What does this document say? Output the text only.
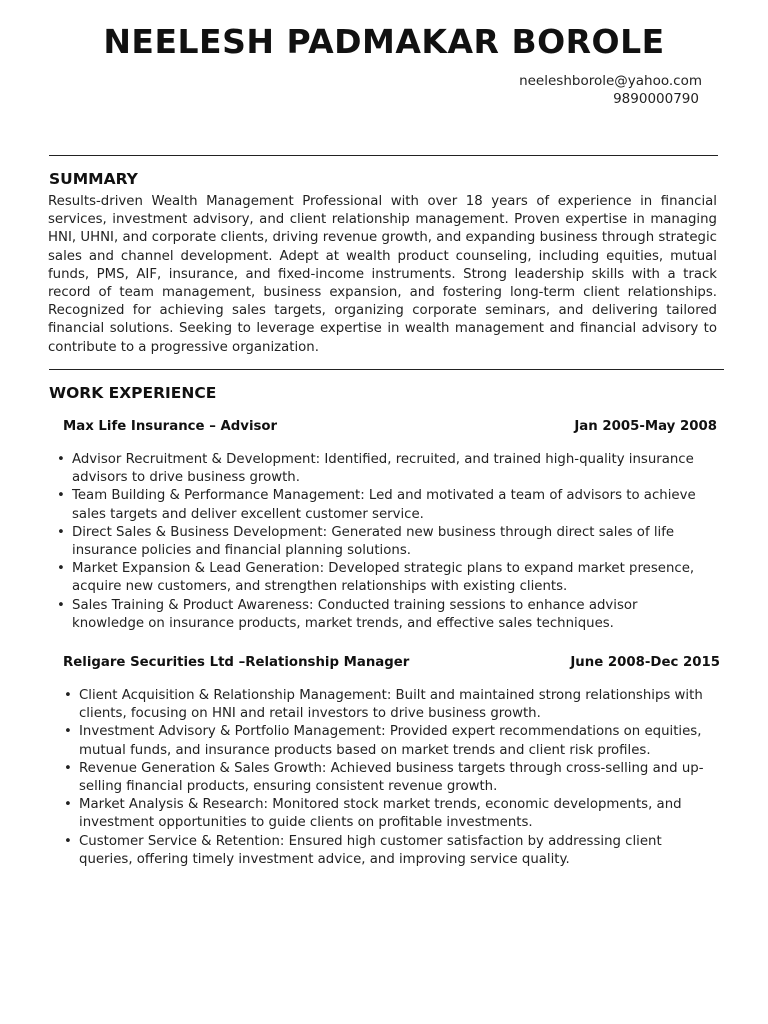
NEELESH PADMAKAR BOROLE
neeleshborole@yahoo.com
9890000790
SUMMARY

Results-driven Wealth Management Professional with over 18 years of experience in financial services, investment advisory, and client relationship management. Proven expertise in managing HNI, UHNI, and corporate clients, driving revenue growth, and expanding business through strategic sales and channel development. Adept at wealth product counseling, including equities, mutual funds, PMS, AIF, insurance, and fixed-income instruments. Strong leadership skills with a track record of team management, business expansion, and fostering long-term client relationships. Recognized for achieving sales targets, organizing corporate seminars, and delivering tailored financial solutions. Seeking to leverage expertise in wealth management and financial advisory to contribute to a progressive organization.

WORK EXPERIENCE
Max Life Insurance – Advisor	Jan 2005-May 2008
• Advisor Recruitment & Development: Identified, recruited, and trained high-quality insurance advisors to drive business growth.
• Team Building & Performance Management: Led and motivated a team of advisors to achieve sales targets and deliver excellent customer service.
• Direct Sales & Business Development: Generated new business through direct sales of life insurance policies and financial planning solutions.
• Market Expansion & Lead Generation: Developed strategic plans to expand market presence, acquire new customers, and strengthen relationships with existing clients.
• Sales Training & Product Awareness: Conducted training sessions to enhance advisor knowledge on insurance products, market trends, and effective sales techniques.
Religare Securities Ltd –Relationship Manager	June 2008-Dec 2015
• Client Acquisition & Relationship Management: Built and maintained strong relationships with clients, focusing on HNI and retail investors to drive business growth.
• Investment Advisory & Portfolio Management: Provided expert recommendations on equities, mutual funds, and insurance products based on market trends and client risk profiles.
• Revenue Generation & Sales Growth: Achieved business targets through cross-selling and up-selling financial products, ensuring consistent revenue growth.
• Market Analysis & Research: Monitored stock market trends, economic developments, and investment opportunities to guide clients on profitable investments.
• Customer Service & Retention: Ensured high customer satisfaction by addressing client queries, offering timely investment advice, and improving service quality.
